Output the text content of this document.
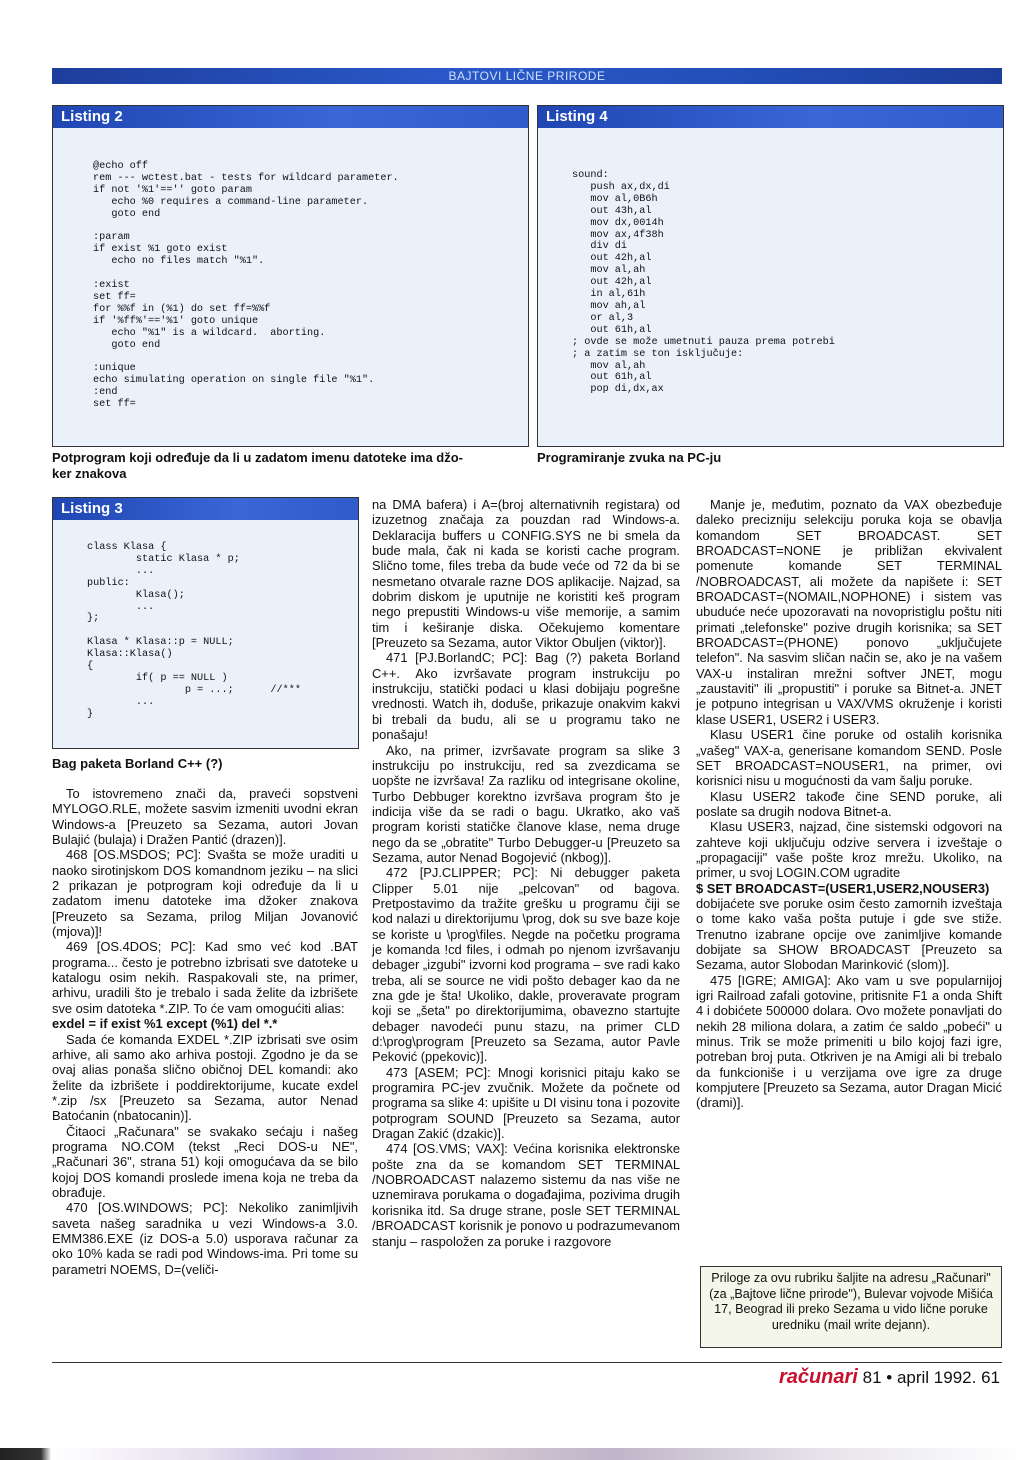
BAJTOVI LIČNE PRIRODE
Listing 2
@echo off
rem --- wctest.bat - tests for wildcard parameter.
if not '%1'=='' goto param
echo %0 requires a command-line parameter.
goto end

:param
if exist %1 goto exist
echo no files match "%1".

:exist
set ff=
for %%f in (%1) do set ff=%%f
if '%ff%'=='%1' goto unique
echo "%1" is a wildcard.  aborting.
goto end

:unique
echo simulating operation on single file "%1".
:end
set ff=
Potprogram koji određuje da li u zadatom imenu datoteke ima džo-
ker znakova
Listing 4
sound:
push ax,dx,di
mov al,0B6h
out 43h,al
mov dx,0014h
mov ax,4f38h
div di
out 42h,al
mov al,ah
out 42h,al
in al,61h
mov ah,al
or al,3
out 61h,al
; ovde se može umetnuti pauza prema potrebi
; a zatim se ton isključuje:
mov al,ah
out 61h,al
pop di,dx,ax
Programiranje zvuka na PC-ju
Listing 3
class Klasa {
static Klasa * p;
...
public:
Klasa();
...
};

Klasa * Klasa::p = NULL;
Klasa::Klasa()
{
if( p == NULL )
p = ...;      //***
...
}
Bag paketa Borland C++ (?)

To istovremeno znači da, praveći sopstveni MYLOGO.RLE, možete sasvim izmeniti uvodni ekran Windows-a [Preuzeto sa Sezama, autori Jovan Bulajić (bulaja) i Dražen Pantić (drazen)].

468 [OS.MSDOS; PC]: Svašta se može uraditi u naoko sirotinjskom DOS komandnom jeziku – na slici 2 prikazan je potprogram koji određuje da li u zadatom imenu datoteke ima džoker znakova [Preuzeto sa Sezama, prilog Miljan Jovanović (mjova)]!

469 [OS.4DOS; PC]: Kad smo već kod .BAT programa... često je potrebno izbrisati sve datoteke u katalogu osim nekih. Raspakovali ste, na primer, arhivu, uradili što je trebalo i sada želite da izbrišete sve osim datoteka *.ZIP. To će vam omogućiti alias:

exdel = if exist %1 except (%1) del *.*

Sada će komanda EXDEL *.ZIP izbrisati sve osim arhive, ali samo ako arhiva postoji. Zgodno je da se ovaj alias ponaša slično običnoj DEL komandi: ako želite da izbrišete i poddirektorijume, kucate exdel *.zip /sx [Preuzeto sa Sezama, autor Nenad Batoćanin (nbatocanin)].

Čitaoci „Računara" se svakako sećaju i našeg programa NO.COM (tekst „Reci DOS-u NE", „Računari 36", strana 51) koji omogućava da se bilo kojoj DOS komandi proslede imena koja ne treba da obrađuje.

470 [OS.WINDOWS; PC]: Nekoliko zanimljivih saveta našeg saradnika u vezi Windows-a 3.0. EMM386.EXE (iz DOS-a 5.0) usporava računar za oko 10% kada se radi pod Windows-ima. Pri tome su parametri NOEMS, D=(veliči-

na DMA bafera) i A=(broj alternativnih registara) od izuzetnog značaja za pouzdan rad Windows-a. Deklaracija buffers u CONFIG.SYS ne bi smela da bude mala, čak ni kada se koristi cache program. Slično tome, files treba da bude veće od 72 da bi se nesmetano otvarale razne DOS aplikacije. Najzad, sa dobrim diskom je uputnije ne koristiti keš program nego prepustiti Windows-u više memorije, a samim tim i keširanje diska. Očekujemo komentare [Preuzeto sa Sezama, autor Viktor Obuljen (viktor)].

471 [PJ.BorlandC; PC]: Bag (?) paketa Borland C++. Ako izvršavate program instrukciju po instrukciju, statički podaci u klasi dobijaju pogrešne vrednosti. Watch ih, doduše, prikazuje onakvim kakvi bi trebali da budu, ali se u programu tako ne ponašaju!

Ako, na primer, izvršavate program sa slike 3 instrukciju po instrukciju, red sa zvezdicama se uopšte ne izvršava! Za razliku od integrisane okoline, Turbo Debbuger korektno izvršava program što je indicija više da se radi o bagu. Ukratko, ako vaš program koristi statičke članove klase, nema druge nego da se „obratite" Turbo Debugger-u [Preuzeto sa Sezama, autor Nenad Bogojević (nkbog)].

472 [PJ.CLIPPER; PC]: Ni debugger paketa Clipper 5.01 nije „pelcovan" od bagova. Pretpostavimo da tražite grešku u programu čiji se kod nalazi u direktorijumu \prog, dok su sve baze koje se koriste u \prog\files. Negde na početku programa je komanda !cd files, i odmah po njenom izvršavanju debager „izgubi" izvorni kod programa – sve radi kako treba, ali se source ne vidi pošto debager kao da ne zna gde je šta! Ukoliko, dakle, proveravate program koji se „šeta" po direktorijumima, obavezno startujte debager navodeći punu stazu, na primer CLD d:\prog\program [Preuzeto sa Sezama, autor Pavle Peković (ppekovic)].

473 [ASEM; PC]: Mnogi korisnici pitaju kako se programira PC-jev zvučnik. Možete da počnete od programa sa slike 4: upišite u DI visinu tona i pozovite potprogram SOUND [Preuzeto sa Sezama, autor Dragan Zakić (dzakic)].

474 [OS.VMS; VAX]: Većina korisnika elektronske pošte zna da se komandom SET TERMINAL /NOBROADCAST nalazemo sistemu da nas više ne uznemirava porukama o događajima, pozivima drugih korisnika itd. Sa druge strane, posle SET TERMINAL /BROADCAST korisnik je ponovo u podrazumevanom stanju – raspoložen za poruke i razgovore

Manje je, međutim, poznato da VAX obezbeđuje daleko precizniju selekciju poruka koja se obavlja komandom SET BROADCAST. SET BROADCAST=NONE je približan ekvivalent pomenute komande SET TERMINAL /NOBROADCAST, ali možete da napišete i: SET BROADCAST=(NOMAIL,NOPHONE) i sistem vas ubuduće neće upozoravati na novopristiglu poštu niti primati „telefonske" pozive drugih korisnika; sa SET BROADCAST=(PHONE) ponovo „uključujete telefon". Na sasvim sličan način se, ako je na vašem VAX-u instaliran mrežni softver JNET, mogu „zaustaviti" ili „propustiti" i poruke sa Bitnet-a. JNET je potpuno integrisan u VAX/VMS okruženje i koristi klase USER1, USER2 i USER3.

Klasu USER1 čine poruke od ostalih korisnika „vašeg" VAX-a, generisane komandom SEND. Posle SET BROADCAST=NOUSER1, na primer, ovi korisnici nisu u mogućnosti da vam šalju poruke.

Klasu USER2 takođe čine SEND poruke, ali poslate sa drugih nodova Bitnet-a.

Klasu USER3, najzad, čine sistemski odgovori na zahteve koji uključuju odzive servera i izveštaje o „propagaciji" vaše pošte kroz mrežu. Ukoliko, na primer, u svoj LOGIN.COM ugradite

$ SET BROADCAST=(USER1,USER2,NOUSER3)

dobijaćete sve poruke osim često zamornih izveštaja o tome kako vaša pošta putuje i gde sve stiže. Trenutno izabrane opcije ove zanimljive komande dobijate sa SHOW BROADCAST [Preuzeto sa Sezama, autor Slobodan Marinković (slom)].

475 [IGRE; AMIGA]: Ako vam u sve popularnijoj igri Railroad zafali gotovine, pritisnite F1 a onda Shift 4 i dobićete 500000 dolara. Ovo možete ponavljati do nekih 28 miliona dolara, a zatim će saldo „pobeći" u minus. Trik se može primeniti u bilo kojoj fazi igre, potreban broj puta. Otkriven je na Amigi ali bi trebalo da funkcioniše i u verzijama ove igre za druge kompjutere [Preuzeto sa Sezama, autor Dragan Micić (drami)].

Priloge za ovu rubriku šaljite na adresu „Računari" (za „Bajtove lične prirode"), Bulevar vojvode Mišića 17, Beograd ili preko Sezama u vido lične poruke uredniku (mail write dejann).
računari 81 • april 1992. 61
